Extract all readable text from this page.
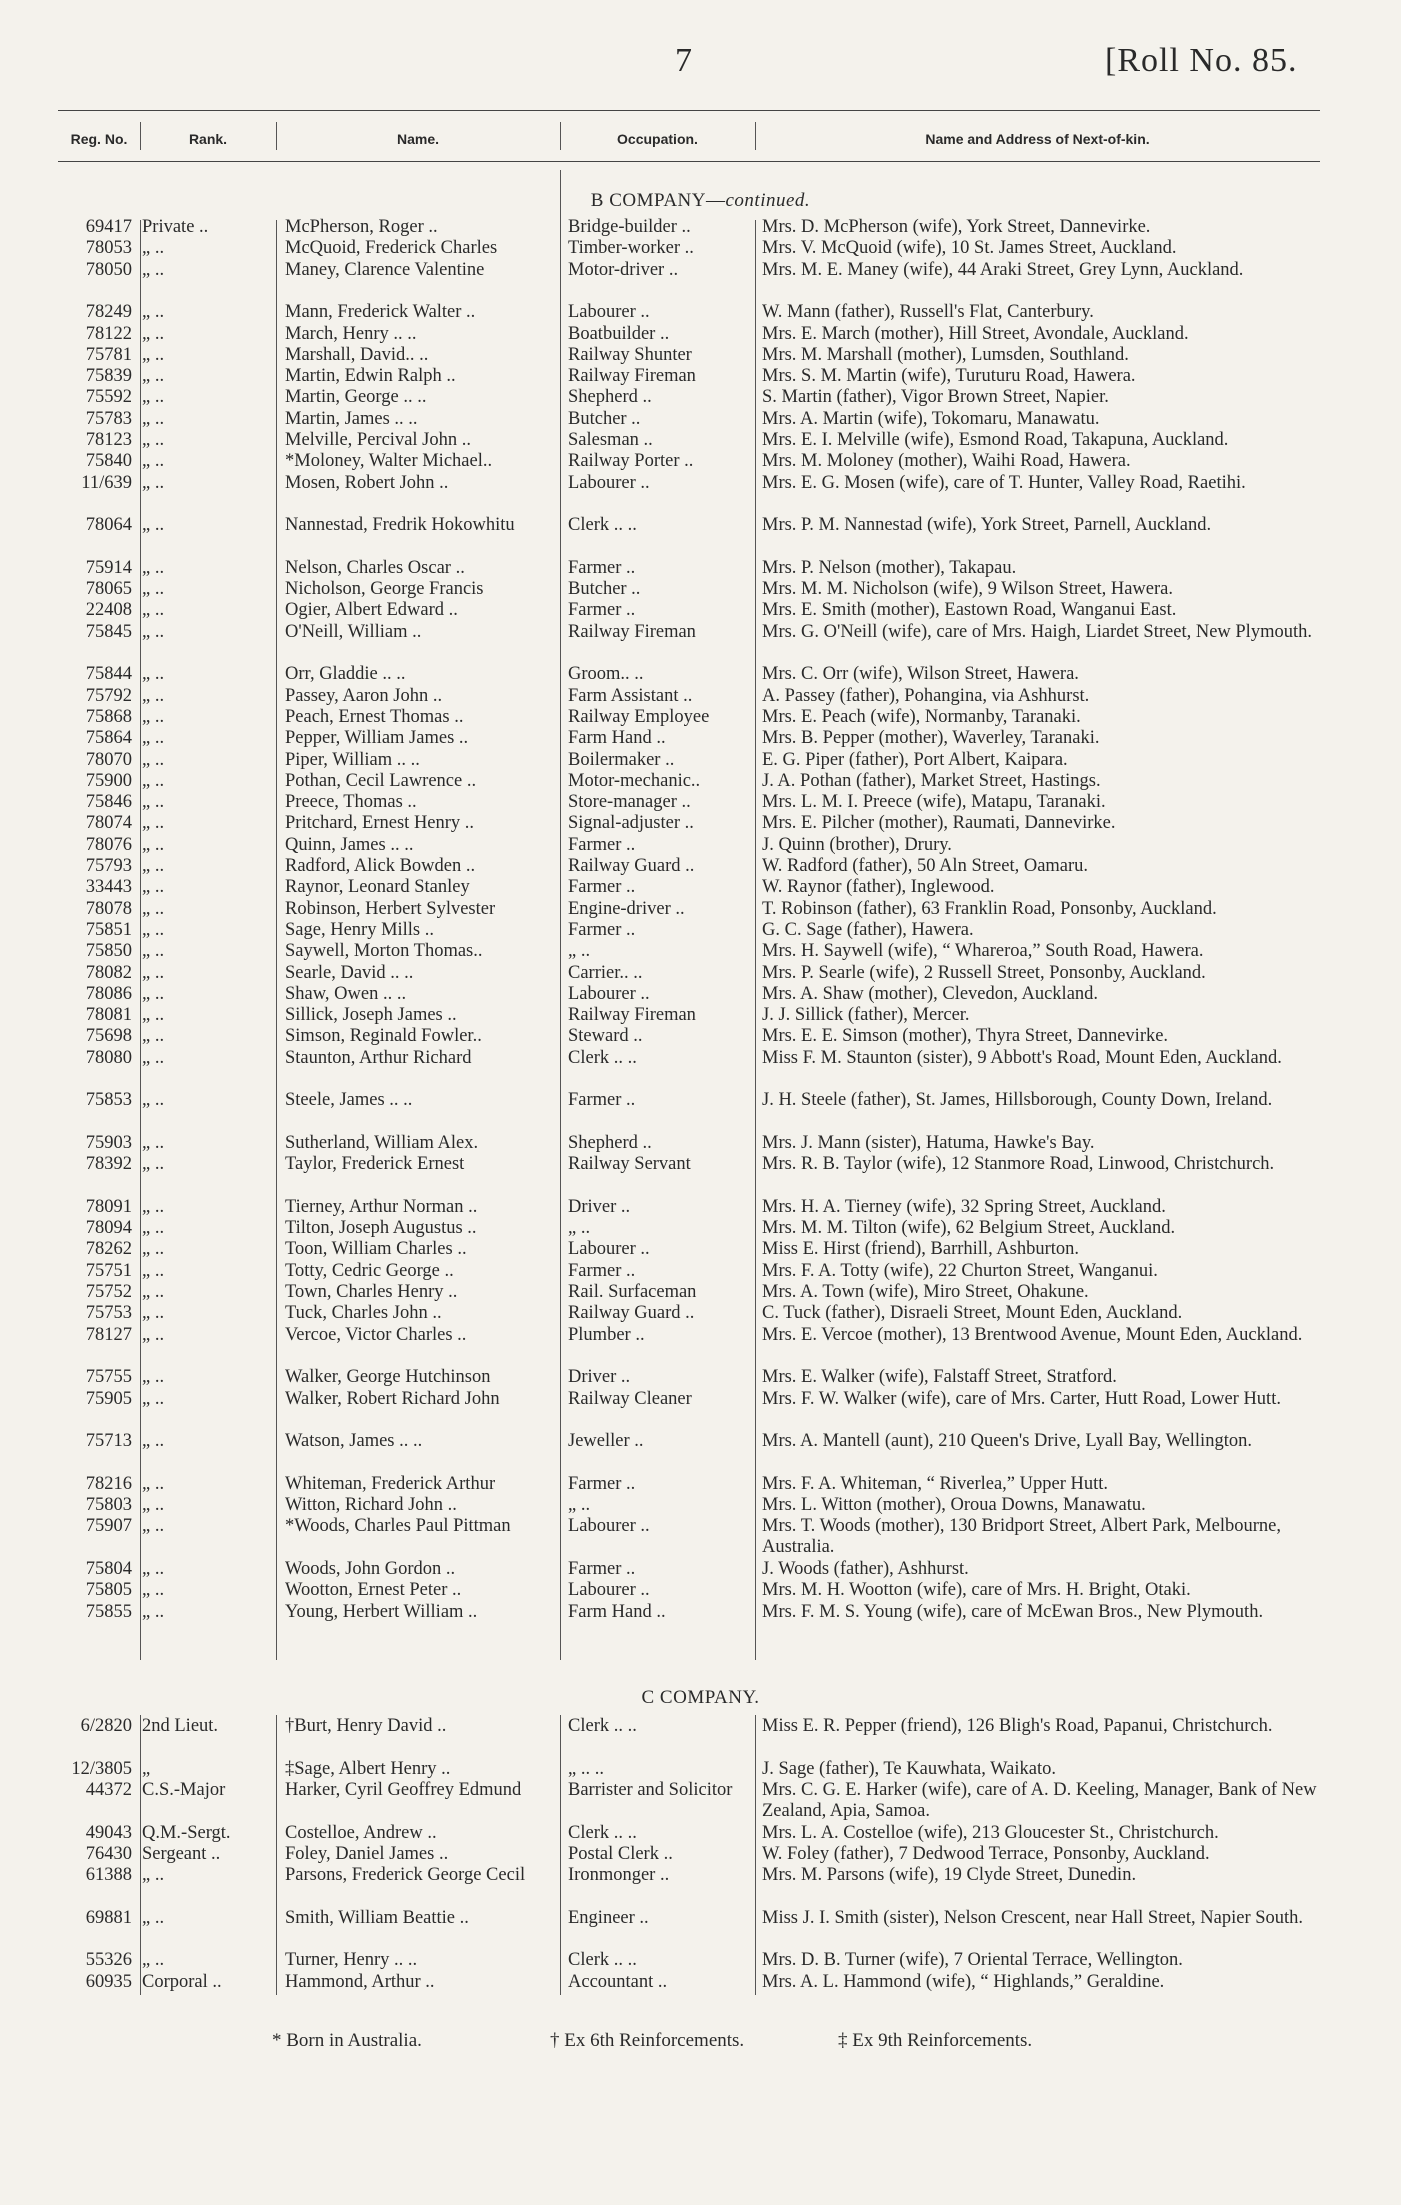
7	[Roll No. 85.
Reg. No.	Rank.	Name.	Occupation.	Name and Address of Next-of-kin.
B COMPANY—continued.
69417 Private ..	McPherson, Roger ..	Bridge-builder ..	Mrs. D. McPherson (wife), York Street, Dannevirke.
78053 „ ..	McQuoid, Frederick Charles	Timber-worker ..	Mrs. V. McQuoid (wife), 10 St. James Street, Auckland.
78050 „ ..	Maney, Clarence Valentine	Motor-driver ..	Mrs. M. E. Maney (wife), 44 Araki Street, Grey Lynn, Auckland.
78249 „ ..	Mann, Frederick Walter ..	Labourer ..	W. Mann (father), Russell's Flat, Canterbury.
78122 „ ..	March, Henry .. ..	Boatbuilder ..	Mrs. E. March (mother), Hill Street, Avondale, Auckland.
75781 „ ..	Marshall, David.. ..	Railway Shunter	Mrs. M. Marshall (mother), Lumsden, Southland.
75839 „ ..	Martin, Edwin Ralph ..	Railway Fireman	Mrs. S. M. Martin (wife), Turuturu Road, Hawera.
75592 „ ..	Martin, George .. ..	Shepherd ..	S. Martin (father), Vigor Brown Street, Napier.
75783 „ ..	Martin, James .. ..	Butcher ..	Mrs. A. Martin (wife), Tokomaru, Manawatu.
78123 „ ..	Melville, Percival John ..	Salesman ..	Mrs. E. I. Melville (wife), Esmond Road, Takapuna, Auckland.
75840 „ ..	*Moloney, Walter Michael..	Railway Porter ..	Mrs. M. Moloney (mother), Waihi Road, Hawera.
11/639 „ ..	Mosen, Robert John ..	Labourer ..	Mrs. E. G. Mosen (wife), care of T. Hunter, Valley Road, Raetihi.
78064 „ ..	Nannestad, Fredrik Hokowhitu	Clerk .. ..	Mrs. P. M. Nannestad (wife), York Street, Parnell, Auckland.
75914 „ ..	Nelson, Charles Oscar ..	Farmer ..	Mrs. P. Nelson (mother), Takapau.
78065 „ ..	Nicholson, George Francis	Butcher ..	Mrs. M. M. Nicholson (wife), 9 Wilson Street, Hawera.
22408 „ ..	Ogier, Albert Edward ..	Farmer ..	Mrs. E. Smith (mother), Eastown Road, Wanganui East.
75845 „ ..	O'Neill, William ..	Railway Fireman	Mrs. G. O'Neill (wife), care of Mrs. Haigh, Liardet Street, New Plymouth.
75844 „ ..	Orr, Gladdie .. ..	Groom.. ..	Mrs. C. Orr (wife), Wilson Street, Hawera.
75792 „ ..	Passey, Aaron John ..	Farm Assistant ..	A. Passey (father), Pohangina, via Ashhurst.
75868 „ ..	Peach, Ernest Thomas ..	Railway Employee	Mrs. E. Peach (wife), Normanby, Taranaki.
75864 „ ..	Pepper, William James ..	Farm Hand ..	Mrs. B. Pepper (mother), Waverley, Taranaki.
78070 „ ..	Piper, William .. ..	Boilermaker ..	E. G. Piper (father), Port Albert, Kaipara.
75900 „ ..	Pothan, Cecil Lawrence ..	Motor-mechanic..	J. A. Pothan (father), Market Street, Hastings.
75846 „ ..	Preece, Thomas ..	Store-manager ..	Mrs. L. M. I. Preece (wife), Matapu, Taranaki.
78074 „ ..	Pritchard, Ernest Henry ..	Signal-adjuster ..	Mrs. E. Pilcher (mother), Raumati, Dannevirke.
78076 „ ..	Quinn, James .. ..	Farmer ..	J. Quinn (brother), Drury.
75793 „ ..	Radford, Alick Bowden ..	Railway Guard ..	W. Radford (father), 50 Aln Street, Oamaru.
33443 „ ..	Raynor, Leonard Stanley	Farmer ..	W. Raynor (father), Inglewood.
78078 „ ..	Robinson, Herbert Sylvester	Engine-driver ..	T. Robinson (father), 63 Franklin Road, Ponsonby, Auckland.
75851 „ ..	Sage, Henry Mills ..	Farmer ..	G. C. Sage (father), Hawera.
75850 „ ..	Saywell, Morton Thomas..	„ ..	Mrs. H. Saywell (wife), “ Whareroa,” South Road, Hawera.
78082 „ ..	Searle, David .. ..	Carrier.. ..	Mrs. P. Searle (wife), 2 Russell Street, Ponsonby, Auckland.
78086 „ ..	Shaw, Owen .. ..	Labourer ..	Mrs. A. Shaw (mother), Clevedon, Auckland.
78081 „ ..	Sillick, Joseph James ..	Railway Fireman	J. J. Sillick (father), Mercer.
75698 „ ..	Simson, Reginald Fowler..	Steward ..	Mrs. E. E. Simson (mother), Thyra Street, Dannevirke.
78080 „ ..	Staunton, Arthur Richard	Clerk .. ..	Miss F. M. Staunton (sister), 9 Abbott's Road, Mount Eden, Auckland.
75853 „ ..	Steele, James .. ..	Farmer ..	J. H. Steele (father), St. James, Hillsborough, County Down, Ireland.
75903 „ ..	Sutherland, William Alex.	Shepherd ..	Mrs. J. Mann (sister), Hatuma, Hawke's Bay.
78392 „ ..	Taylor, Frederick Ernest	Railway Servant	Mrs. R. B. Taylor (wife), 12 Stanmore Road, Linwood, Christchurch.
78091 „ ..	Tierney, Arthur Norman ..	Driver ..	Mrs. H. A. Tierney (wife), 32 Spring Street, Auckland.
78094 „ ..	Tilton, Joseph Augustus ..	„ ..	Mrs. M. M. Tilton (wife), 62 Belgium Street, Auckland.
78262 „ ..	Toon, William Charles ..	Labourer ..	Miss E. Hirst (friend), Barrhill, Ashburton.
75751 „ ..	Totty, Cedric George ..	Farmer ..	Mrs. F. A. Totty (wife), 22 Churton Street, Wanganui.
75752 „ ..	Town, Charles Henry ..	Rail. Surfaceman	Mrs. A. Town (wife), Miro Street, Ohakune.
75753 „ ..	Tuck, Charles John ..	Railway Guard ..	C. Tuck (father), Disraeli Street, Mount Eden, Auckland.
78127 „ ..	Vercoe, Victor Charles ..	Plumber ..	Mrs. E. Vercoe (mother), 13 Brentwood Avenue, Mount Eden, Auckland.
75755 „ ..	Walker, George Hutchinson	Driver ..	Mrs. E. Walker (wife), Falstaff Street, Stratford.
75905 „ ..	Walker, Robert Richard John	Railway Cleaner	Mrs. F. W. Walker (wife), care of Mrs. Carter, Hutt Road, Lower Hutt.
75713 „ ..	Watson, James .. ..	Jeweller ..	Mrs. A. Mantell (aunt), 210 Queen's Drive, Lyall Bay, Wellington.
78216 „ ..	Whiteman, Frederick Arthur	Farmer ..	Mrs. F. A. Whiteman, “ Riverlea,” Upper Hutt.
75803 „ ..	Witton, Richard John ..	„ ..	Mrs. L. Witton (mother), Oroua Downs, Manawatu.
75907 „ ..	*Woods, Charles Paul Pittman	Labourer ..	Mrs. T. Woods (mother), 130 Bridport Street, Albert Park, Melbourne, Australia.
75804 „ ..	Woods, John Gordon ..	Farmer ..	J. Woods (father), Ashhurst.
75805 „ ..	Wootton, Ernest Peter ..	Labourer ..	Mrs. M. H. Wootton (wife), care of Mrs. H. Bright, Otaki.
75855 „ ..	Young, Herbert William ..	Farm Hand ..	Mrs. F. M. S. Young (wife), care of McEwan Bros., New Plymouth.
C COMPANY.
6/2820 2nd Lieut.	†Burt, Henry David ..	Clerk .. ..	Miss E. R. Pepper (friend), 126 Bligh's Road, Papanui, Christchurch.
12/3805 „	‡Sage, Albert Henry ..	„ .. ..	J. Sage (father), Te Kauwhata, Waikato.
44372 C.S.-Major	Harker, Cyril Geoffrey Edmund	Barrister and Solicitor	Mrs. C. G. E. Harker (wife), care of A. D. Keeling, Manager, Bank of New Zealand, Apia, Samoa.
49043 Q.M.-Sergt.	Costelloe, Andrew ..	Clerk .. ..	Mrs. L. A. Costelloe (wife), 213 Gloucester St., Christchurch.
76430 Sergeant ..	Foley, Daniel James ..	Postal Clerk ..	W. Foley (father), 7 Dedwood Terrace, Ponsonby, Auckland.
61388 „ ..	Parsons, Frederick George Cecil	Ironmonger ..	Mrs. M. Parsons (wife), 19 Clyde Street, Dunedin.
69881 „ ..	Smith, William Beattie ..	Engineer ..	Miss J. I. Smith (sister), Nelson Crescent, near Hall Street, Napier South.
55326 „ ..	Turner, Henry .. ..	Clerk .. ..	Mrs. D. B. Turner (wife), 7 Oriental Terrace, Wellington.
60935 Corporal ..	Hammond, Arthur ..	Accountant ..	Mrs. A. L. Hammond (wife), “ Highlands,” Geraldine.
* Born in Australia.	† Ex 6th Reinforcements.	‡ Ex 9th Reinforcements.
